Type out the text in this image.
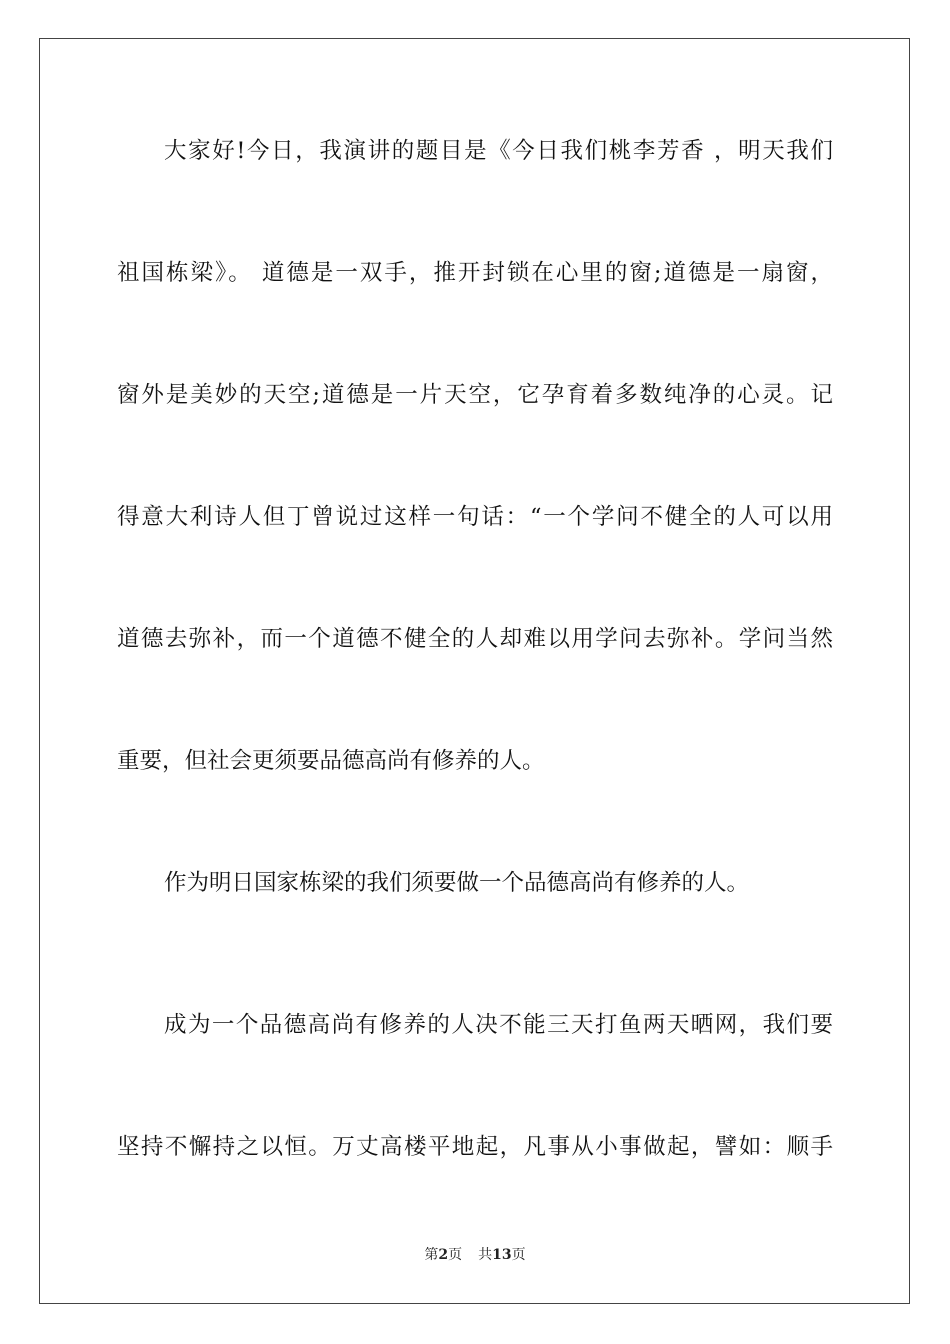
大家好!今日，我演讲的题目是《今日我们桃李芳香 ，明天我们
祖国栋梁》。 道德是一双手，推开封锁在心里的窗;道德是一扇窗，
窗外是美妙的天空;道德是一片天空，它孕育着多数纯净的心灵。记
得意大利诗人但丁曾说过这样一句话：“一个学问不健全的人可以用
道德去弥补，而一个道德不健全的人却难以用学问去弥补。学问当然
重要，但社会更须要品德高尚有修养的人。
作为明日国家栋梁的我们须要做一个品德高尚有修养的人。
成为一个品德高尚有修养的人决不能三天打鱼两天晒网，我们要
坚持不懈持之以恒。万丈高楼平地起，凡事从小事做起，譬如：顺手
第2页 共13页
